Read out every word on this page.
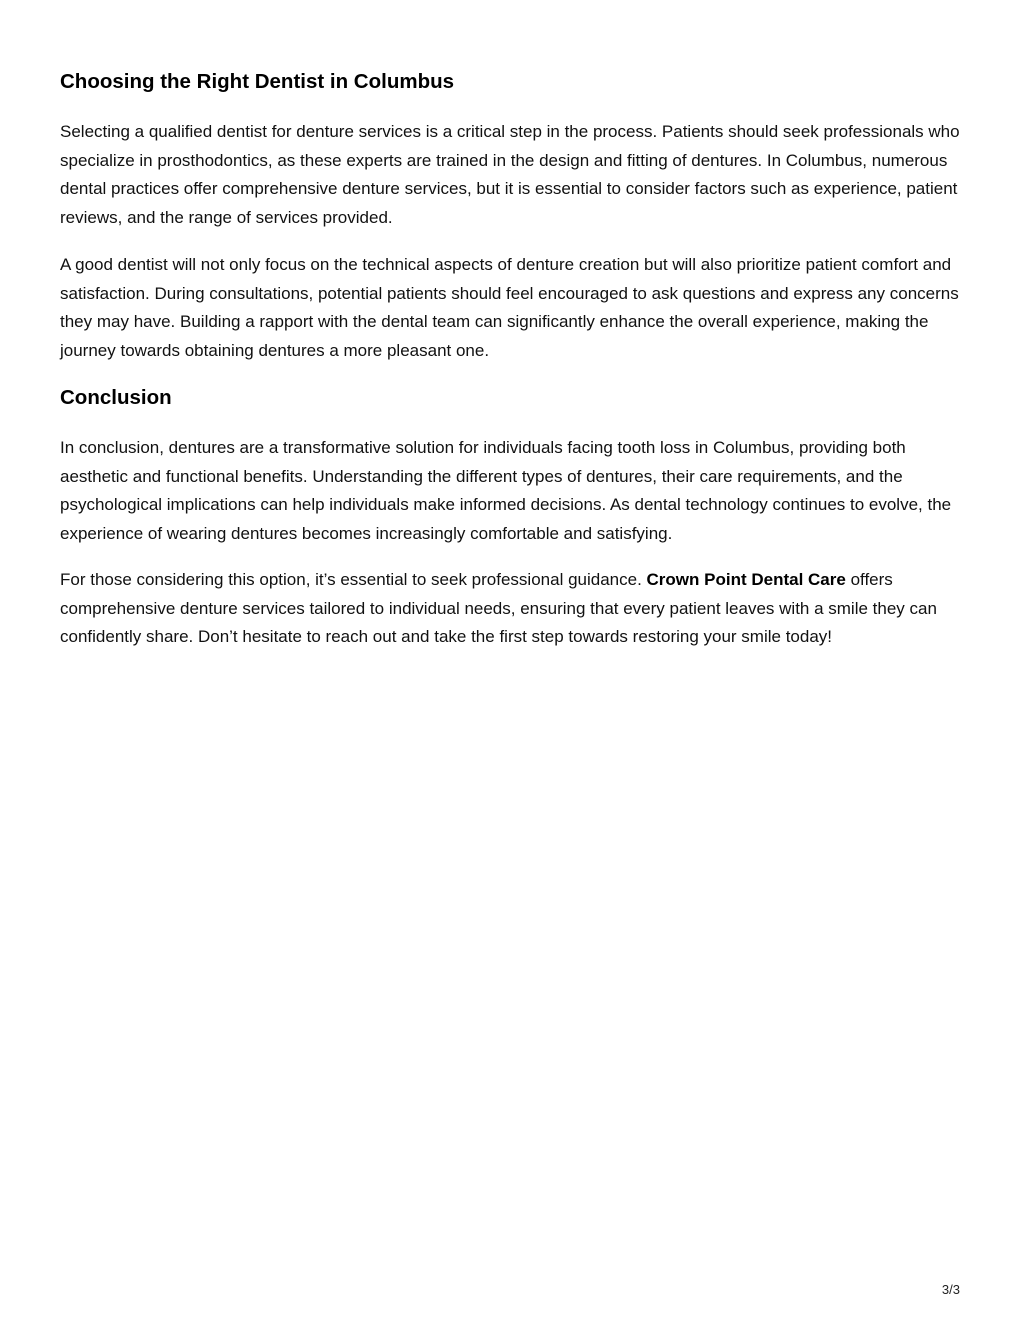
Choosing the Right Dentist in Columbus

Selecting a qualified dentist for denture services is a critical step in the process. Patients should seek professionals who specialize in prosthodontics, as these experts are trained in the design and fitting of dentures. In Columbus, numerous dental practices offer comprehensive denture services, but it is essential to consider factors such as experience, patient reviews, and the range of services provided.

A good dentist will not only focus on the technical aspects of denture creation but will also prioritize patient comfort and satisfaction. During consultations, potential patients should feel encouraged to ask questions and express any concerns they may have. Building a rapport with the dental team can significantly enhance the overall experience, making the journey towards obtaining dentures a more pleasant one.

Conclusion

In conclusion, dentures are a transformative solution for individuals facing tooth loss in Columbus, providing both aesthetic and functional benefits. Understanding the different types of dentures, their care requirements, and the psychological implications can help individuals make informed decisions. As dental technology continues to evolve, the experience of wearing dentures becomes increasingly comfortable and satisfying.

For those considering this option, it’s essential to seek professional guidance. Crown Point Dental Care offers comprehensive denture services tailored to individual needs, ensuring that every patient leaves with a smile they can confidently share. Don’t hesitate to reach out and take the first step towards restoring your smile today!

3/3
